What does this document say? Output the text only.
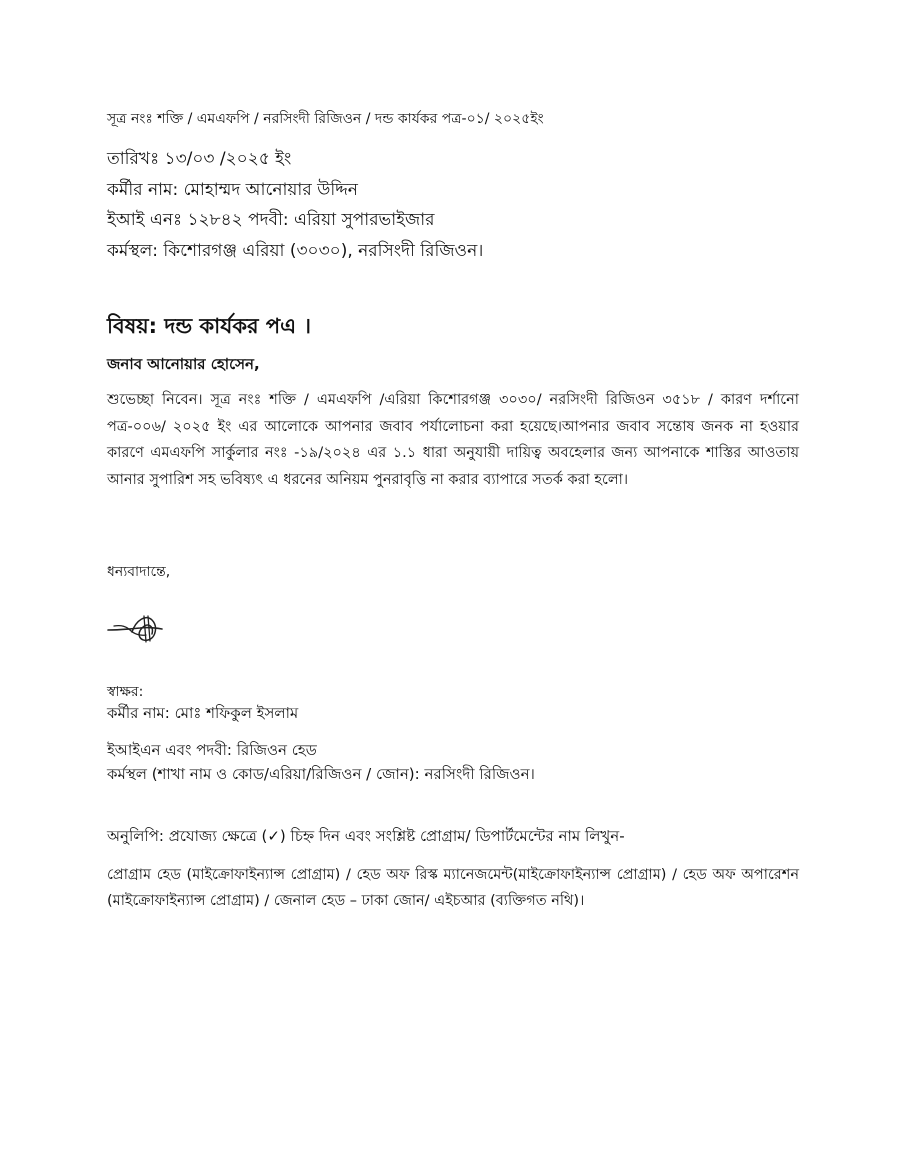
সূত্র নংঃ শক্তি / এমএফপি / নরসিংদী রিজিওন / দন্ড কার্যকর পত্র-০১/ ২০২৫ইং
তারিখঃ ১৩/০৩ /২০২৫ ইং
কর্মীর নাম: মোহাম্মদ আনোয়ার উদ্দিন
ইআই এনঃ ১২৮৪২ পদবী: এরিয়া সুপারভাইজার
কর্মস্থল: কিশোরগঞ্জ এরিয়া (৩০৩০), নরসিংদী রিজিওন।
বিষয়: দন্ড কার্যকর পএ ।
জনাব আনোয়ার হোসেন,
শুভেচ্ছা নিবেন। সূত্র নংঃ শক্তি / এমএফপি /এরিয়া কিশোরগঞ্জ ৩০৩০/ নরসিংদী রিজিওন ৩৫১৮ / কারণ দর্শানো পত্র-০০৬/ ২০২৫ ইং এর আলোকে আপনার জবাব পর্যালোচনা করা হয়েছে।আপনার জবাব সন্তোষ জনক না হওয়ার কারণে এমএফপি সার্কুলার নংঃ -১৯/২০২৪ এর ১.১ ধারা অনুযায়ী দায়িত্ব অবহেলার জন্য আপনাকে শাস্তির আওতায় আনার সুপারিশ সহ ভবিষ্যৎ এ ধরনের অনিয়ম পুনরাবৃত্তি না করার ব্যাপারে সতর্ক করা হলো।
ধন্যবাদান্তে,
স্বাক্ষর:
কর্মীর নাম: মোঃ শফিকুল ইসলাম
ইআইএন এবং পদবী: রিজিওন হেড
কর্মস্থল (শাখা নাম ও কোড/এরিয়া/রিজিওন / জোন): নরসিংদী রিজিওন।
অনুলিপি: প্রযোজ্য ক্ষেত্রে (✓) চিহ্ন দিন এবং সংশ্লিষ্ট প্রোগ্রাম/ ডিপার্টমেন্টের নাম লিখুন-
প্রোগ্রাম হেড (মাইক্রোফাইন্যান্স প্রোগ্রাম) / হেড অফ রিস্ক ম্যানেজমেন্ট(মাইক্রোফাইন্যান্স প্রোগ্রাম) / হেড অফ অপারেশন (মাইক্রোফাইন্যান্স প্রোগ্রাম) / জেনাল হেড – ঢাকা জোন/ এইচআর (ব্যক্তিগত নথি)।
